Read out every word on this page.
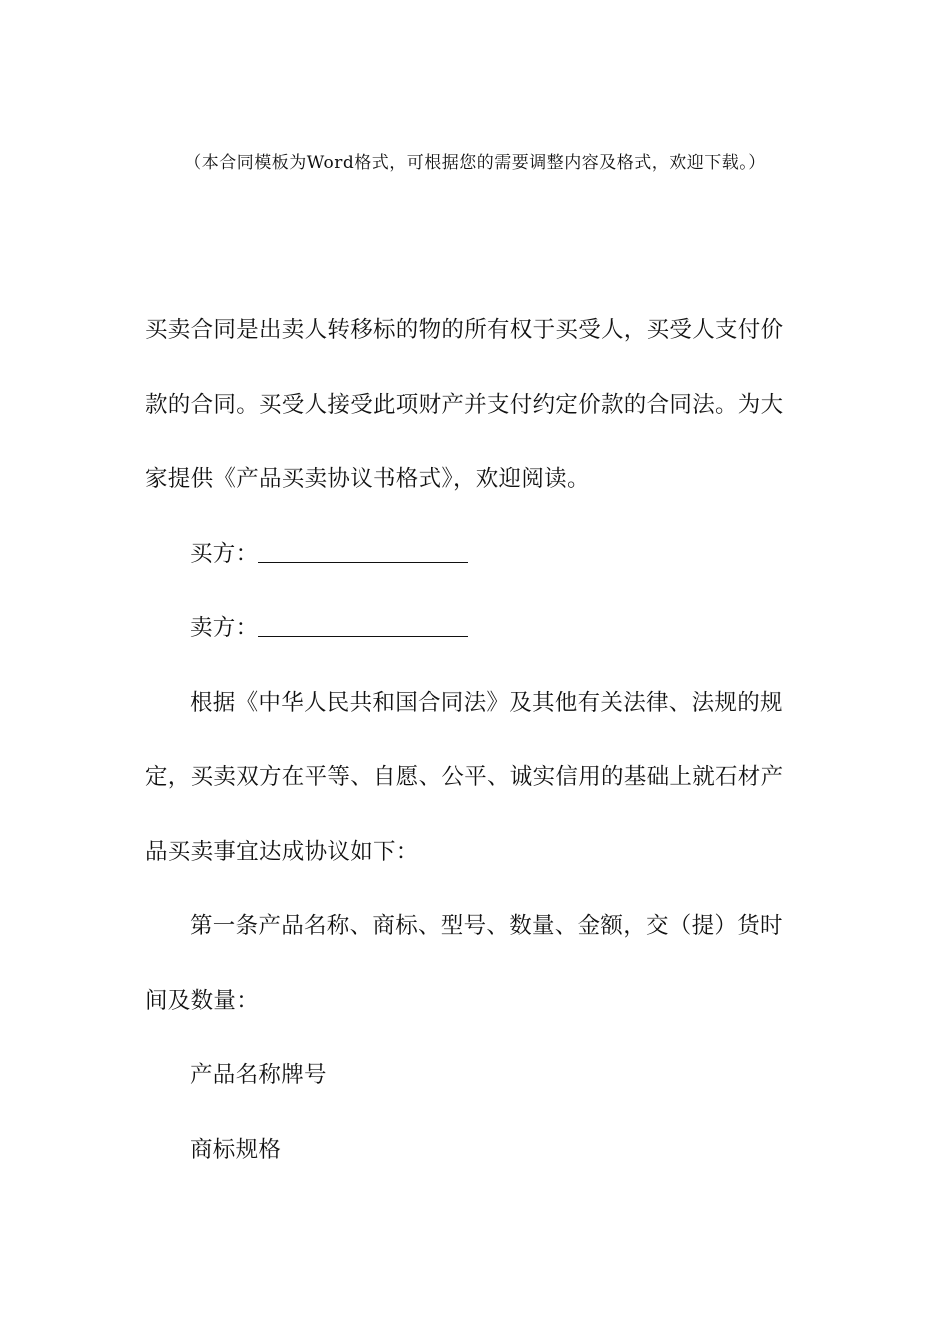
（本合同模板为Word格式，可根据您的需要调整内容及格式，欢迎下载。）

买卖合同是出卖人转移标的物的所有权于买受人，买受人支付价款的合同。买受人接受此项财产并支付约定价款的合同法。为大家提供《产品买卖协议书格式》，欢迎阅读。

买方：

卖方：

根据《中华人民共和国合同法》及其他有关法律、法规的规定，买卖双方在平等、自愿、公平、诚实信用的基础上就石材产品买卖事宜达成协议如下：

第一条产品名称、商标、型号、数量、金额，交（提）货时间及数量：

产品名称牌号

商标规格
